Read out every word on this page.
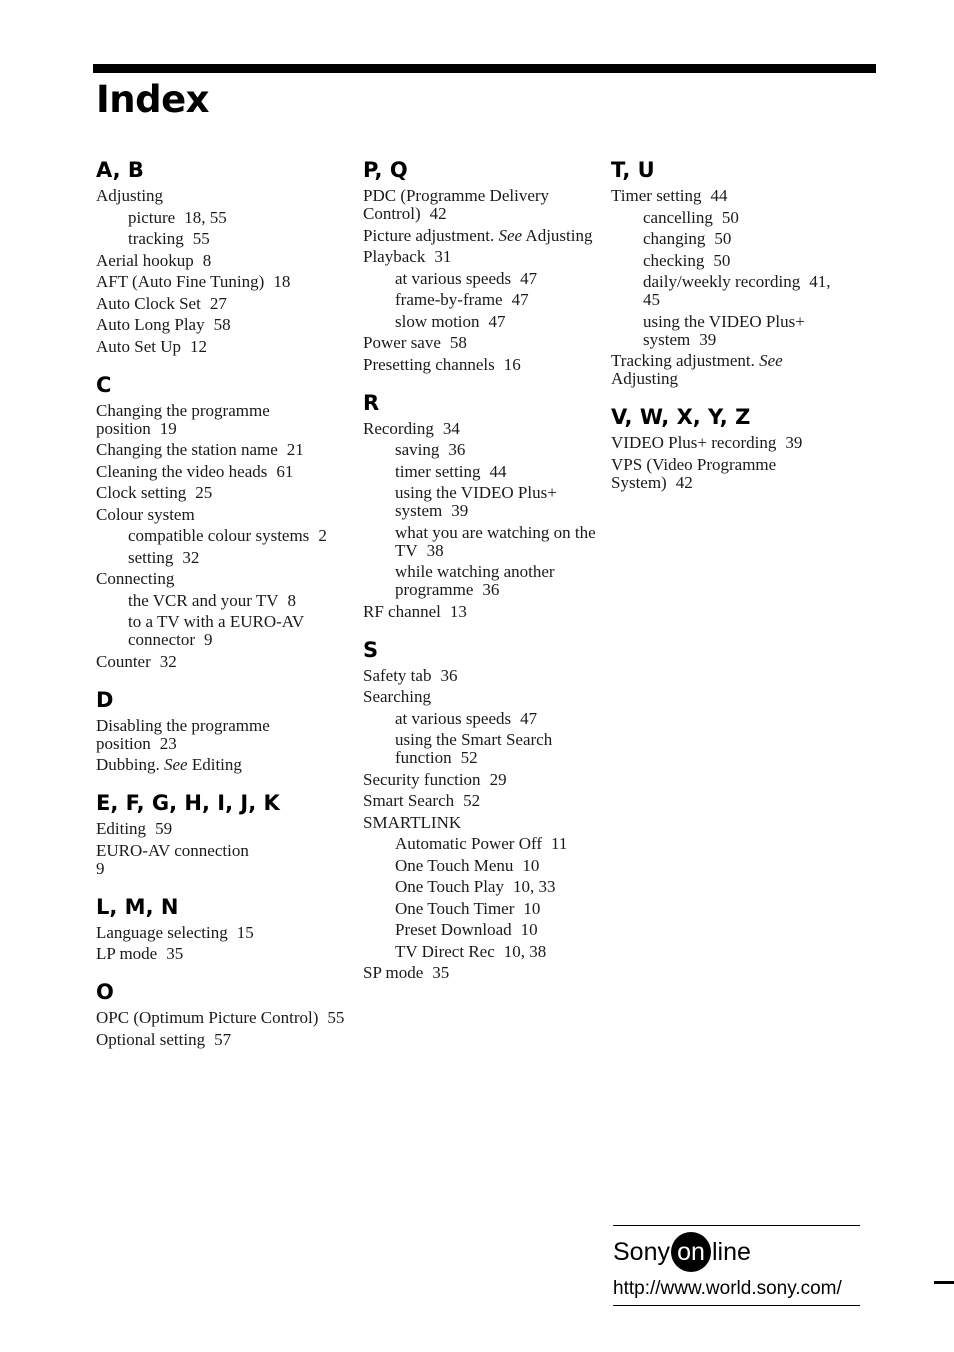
Index
A, B
Adjusting
picture 18, 55
tracking 55
Aerial hookup 8
AFT (Auto Fine Tuning) 18
Auto Clock Set 27
Auto Long Play 58
Auto Set Up 12
C
Changing the programme position 19
Changing the station name 21
Cleaning the video heads 61
Clock setting 25
Colour system
compatible colour systems 2
setting 32
Connecting
the VCR and your TV 8
to a TV with a EURO-AV connector 9
Counter 32
D
Disabling the programme position 23
Dubbing. See Editing
E, F, G, H, I, J, K
Editing 59
EURO-AV connection
9
L, M, N
Language selecting 15
LP mode 35
O
OPC (Optimum Picture Control) 55
Optional setting 57
P, Q
PDC (Programme Delivery Control) 42
Picture adjustment. See Adjusting
Playback 31
at various speeds 47
frame-by-frame 47
slow motion 47
Power save 58
Presetting channels 16
R
Recording 34
saving 36
timer setting 44
using the VIDEO Plus+ system 39
what you are watching on the TV 38
while watching another programme 36
RF channel 13
S
Safety tab 36
Searching
at various speeds 47
using the Smart Search function 52
Security function 29
Smart Search 52
SMARTLINK
Automatic Power Off 11
One Touch Menu 10
One Touch Play 10, 33
One Touch Timer 10
Preset Download 10
TV Direct Rec 10, 38
SP mode 35
T, U
Timer setting 44
cancelling 50
changing 50
checking 50
daily/weekly recording 41, 45
using the VIDEO Plus+ system 39
Tracking adjustment. See Adjusting
V, W, X, Y, Z
VIDEO Plus+ recording 39
VPS (Video Programme System) 42
Sony on line
http://www.world.sony.com/
